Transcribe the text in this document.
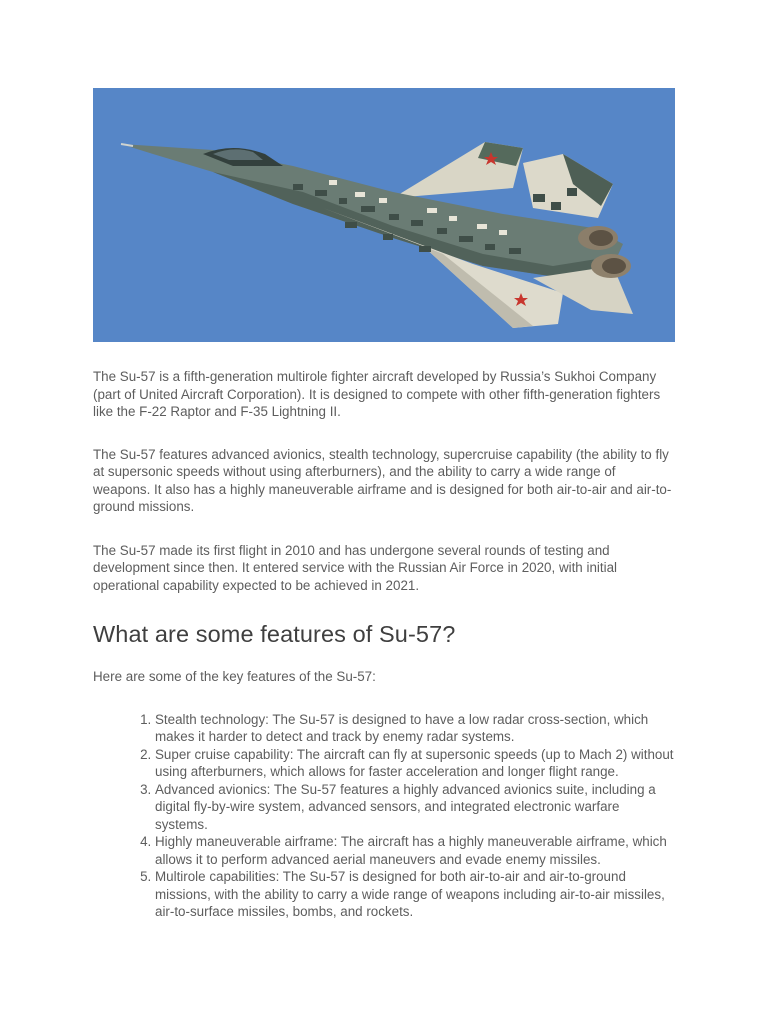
The Su-57 is a fifth-generation multirole fighter aircraft developed by Russia’s Sukhoi Company (part of United Aircraft Corporation). It is designed to compete with other fifth-generation fighters like the F-22 Raptor and F-35 Lightning II.

The Su-57 features advanced avionics, stealth technology, supercruise capability (the ability to fly at supersonic speeds without using afterburners), and the ability to carry a wide range of weapons. It also has a highly maneuverable airframe and is designed for both air-to-air and air-to-ground missions.

The Su-57 made its first flight in 2010 and has undergone several rounds of testing and development since then. It entered service with the Russian Air Force in 2020, with initial operational capability expected to be achieved in 2021.

What are some features of Su-57?

Here are some of the key features of the Su-57:

1. Stealth technology: The Su-57 is designed to have a low radar cross-section, which makes it harder to detect and track by enemy radar systems.
2. Super cruise capability: The aircraft can fly at supersonic speeds (up to Mach 2) without using afterburners, which allows for faster acceleration and longer flight range.
3. Advanced avionics: The Su-57 features a highly advanced avionics suite, including a digital fly-by-wire system, advanced sensors, and integrated electronic warfare systems.
4. Highly maneuverable airframe: The aircraft has a highly maneuverable airframe, which allows it to perform advanced aerial maneuvers and evade enemy missiles.
5. Multirole capabilities: The Su-57 is designed for both air-to-air and air-to-ground missions, with the ability to carry a wide range of weapons including air-to-air missiles, air-to-surface missiles, bombs, and rockets.
